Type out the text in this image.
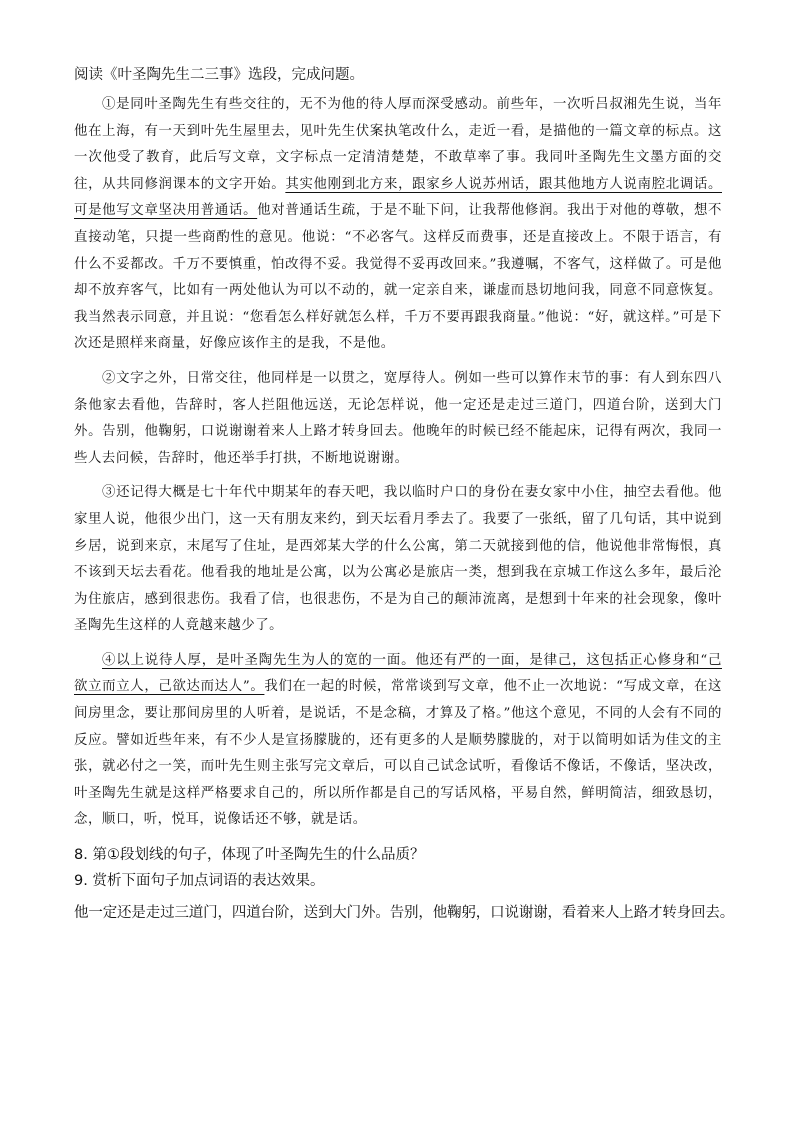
阅读《叶圣陶先生二三事》选段，完成问题。

①是同叶圣陶先生有些交往的，无不为他的待人厚而深受感动。前些年，一次听吕叔湘先生说，当年他在上海，有一天到叶先生屋里去，见叶先生伏案执笔改什么，走近一看，是描他的一篇文章的标点。这一次他受了教育，此后写文章，文字标点一定清清楚楚，不敢草率了事。我同叶圣陶先生文墨方面的交往，从共同修润课本的文字开始。其实他刚到北方来，跟家乡人说苏州话，跟其他地方人说南腔北调话。可是他写文章坚决用普通话。他对普通话生疏，于是不耻下问，让我帮他修润。我出于对他的尊敬，想不直接动笔，只提一些商酌性的意见。他说：“不必客气。这样反而费事，还是直接改上。不限于语言，有什么不妥都改。千万不要慎重，怕改得不妥。我觉得不妥再改回来。”我遵嘱，不客气，这样做了。可是他却不放弃客气，比如有一两处他认为可以不动的，就一定亲自来，谦虚而恳切地问我，同意不同意恢复。我当然表示同意，并且说：“您看怎么样好就怎么样，千万不要再跟我商量。”他说：“好，就这样。”可是下次还是照样来商量，好像应该作主的是我，不是他。

②文字之外，日常交往，他同样是一以贯之，宽厚待人。例如一些可以算作末节的事：有人到东四八条他家去看他，告辞时，客人拦阻他远送，无论怎样说，他一定还是走过三道门，四道台阶，送到大门外。告别，他鞠躬，口说谢谢着来人上路才转身回去。他晚年的时候已经不能起床，记得有两次，我同一些人去问候，告辞时，他还举手打拱，不断地说谢谢。

③还记得大概是七十年代中期某年的春天吧，我以临时户口的身份在妻女家中小住，抽空去看他。他家里人说，他很少出门，这一天有朋友来约，到天坛看月季去了。我要了一张纸，留了几句话，其中说到乡居，说到来京，末尾写了住址，是西郊某大学的什么公寓，第二天就接到他的信，他说他非常悔恨，真不该到天坛去看花。他看我的地址是公寓，以为公寓必是旅店一类，想到我在京城工作这么多年，最后沦为住旅店，感到很悲伤。我看了信，也很悲伤，不是为自己的颠沛流离，是想到十年来的社会现象，像叶圣陶先生这样的人竟越来越少了。

④以上说待人厚，是叶圣陶先生为人的宽的一面。他还有严的一面，是律己，这包括正心修身和“己欲立而立人，己欲达而达人”。我们在一起的时候，常常谈到写文章，他不止一次地说：“写成文章，在这间房里念，要让那间房里的人听着，是说话，不是念稿，才算及了格。”他这个意见，不同的人会有不同的反应。譬如近些年来，有不少人是宣扬朦胧的，还有更多的人是顺势朦胧的，对于以简明如话为佳文的主张，就必付之一笑，而叶先生则主张写完文章后，可以自己试念试听，看像话不像话，不像话，坚决改，叶圣陶先生就是这样严格要求自己的，所以所作都是自己的写话风格，平易自然，鲜明简洁，细致恳切，念，顺口，听，悦耳，说像话还不够，就是话。

8. 第①段划线的句子，体现了叶圣陶先生的什么品质？

9. 赏析下面句子加点词语的表达效果。

他一定还是走过三道门，四道台阶，送到大门外。告别，他鞠躬，口说谢谢，看着来人上路才转身回去。
